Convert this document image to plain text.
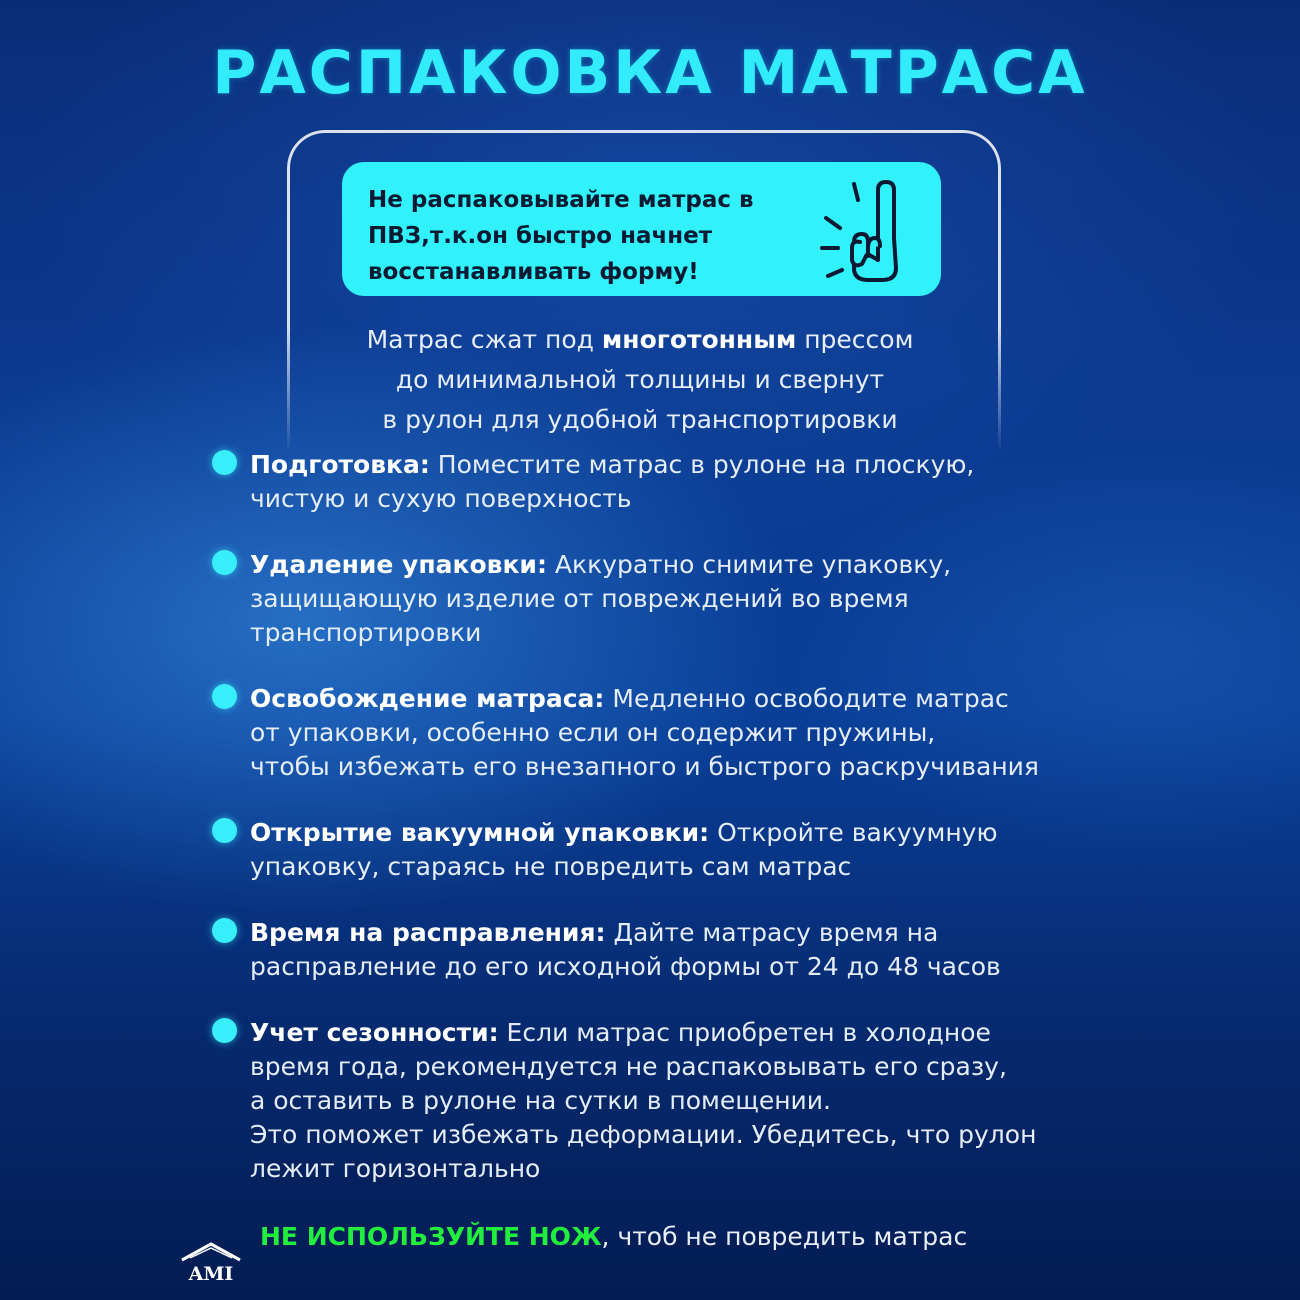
РАСПАКОВКА МАТРАСА

Не распаковывайте матрас в
ПВЗ,т.к.он быстро начнет
восстанавливать форму!

Матрас сжат под многотонным прессом
до минимальной толщины и свернут
в рулон для удобной транспортировки

Подготовка: Поместите матрас в рулоне на плоскую,
чистую и сухую поверхность

Удаление упаковки: Аккуратно снимите упаковку,
защищающую изделие от повреждений во время
транспортировки

Освобождение матраса: Медленно освободите матрас
от упаковки, особенно если он содержит пружины,
чтобы избежать его внезапного и быстрого раскручивания

Открытие вакуумной упаковки: Откройте вакуумную
упаковку, стараясь не повредить сам матрас

Время на расправления: Дайте матрасу время на
расправление до его исходной формы от 24 до 48 часов

Учет сезонности: Если матрас приобретен в холодное
время года, рекомендуется не распаковывать его сразу,
а оставить в рулоне на сутки в помещении.
Это поможет избежать деформации. Убедитесь, что рулон
лежит горизонтально

НЕ ИСПОЛЬЗУЙТЕ НОЖ, чтоб не повредить матрас

AMI
